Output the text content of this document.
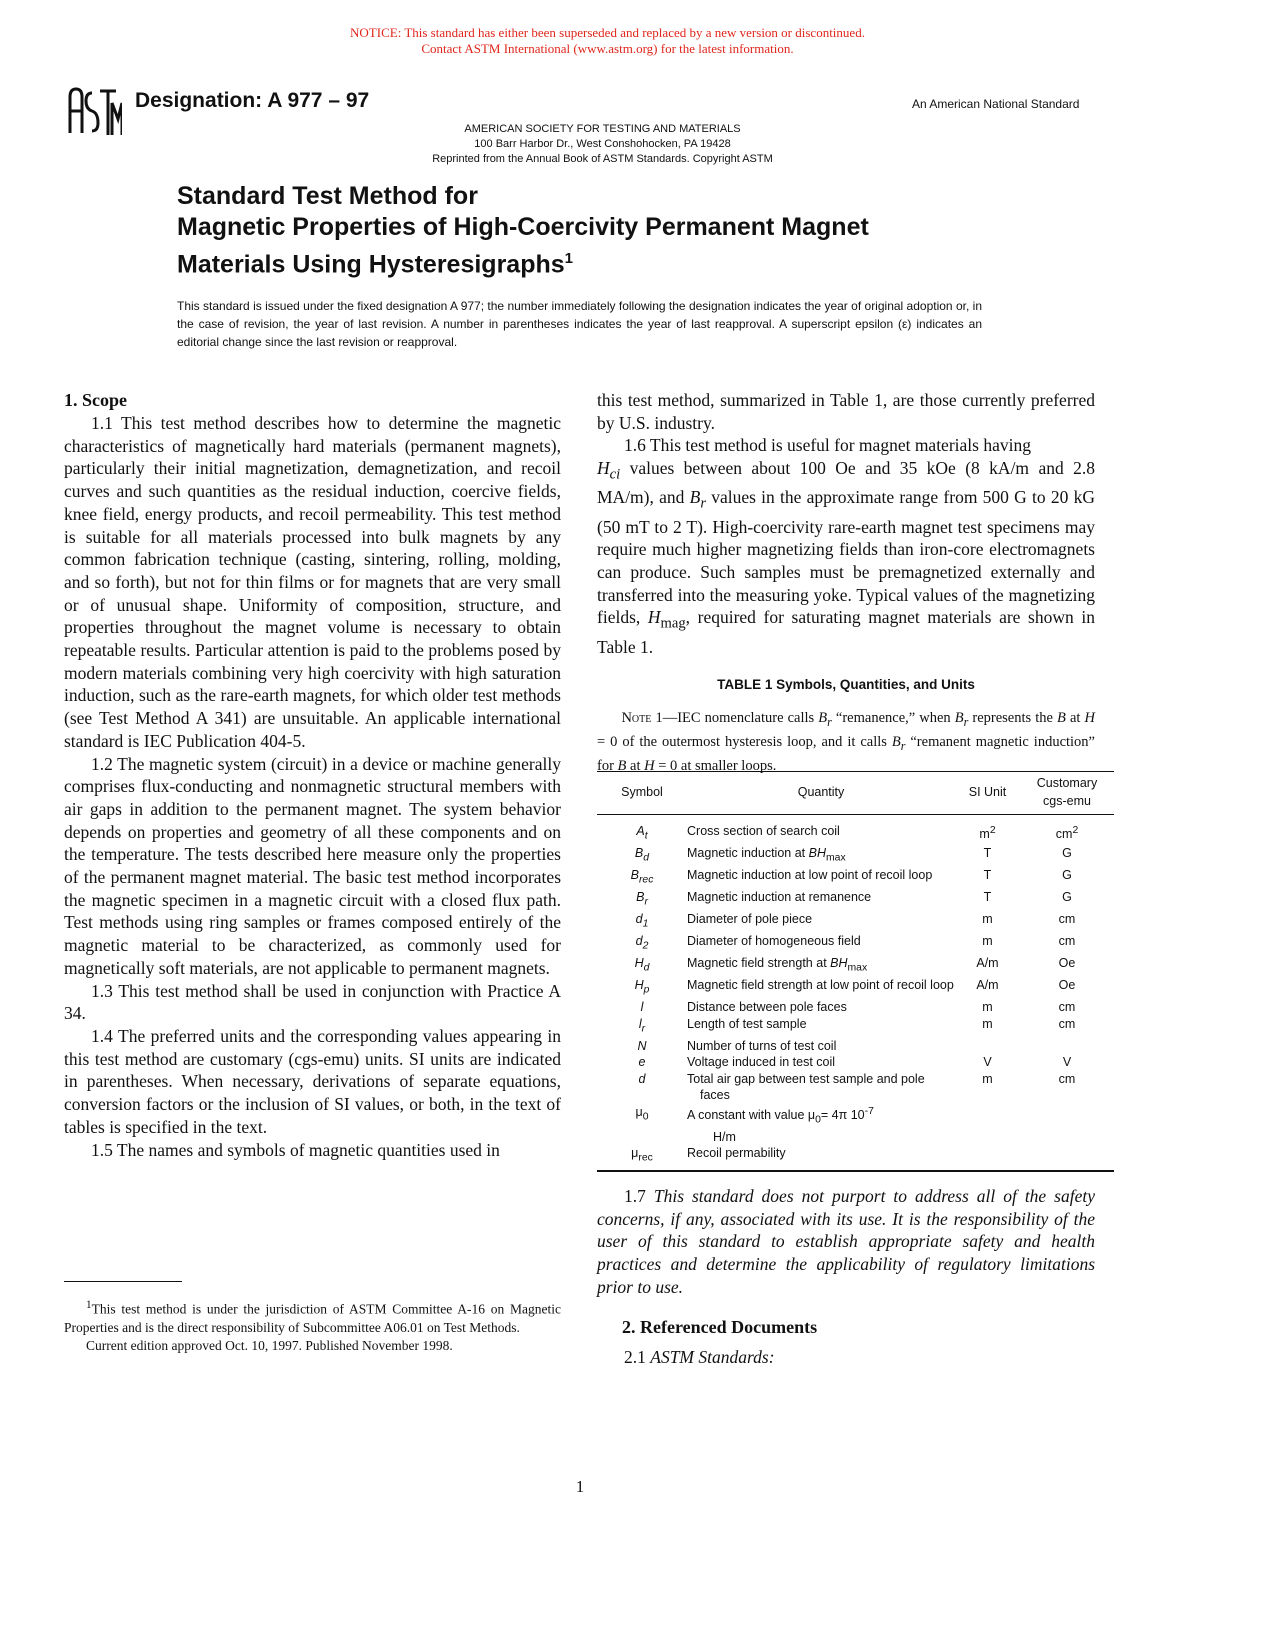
NOTICE: This standard has either been superseded and replaced by a new version or discontinued.
Contact ASTM International (www.astm.org) for the latest information.
Designation: A 977 – 97	An American National Standard
AMERICAN SOCIETY FOR TESTING AND MATERIALS
100 Barr Harbor Dr., West Conshohocken, PA 19428
Reprinted from the Annual Book of ASTM Standards. Copyright ASTM
Standard Test Method for
Magnetic Properties of High-Coercivity Permanent Magnet
Materials Using Hysteresigraphs$^1$
This standard is issued under the fixed designation A 977; the number immediately following the designation indicates the year of original adoption or, in the case of revision, the year of last revision. A number in parentheses indicates the year of last reapproval. A superscript epsilon (ε) indicates an editorial change since the last revision or reapproval.
1. Scope

1.1 This test method describes how to determine the magnetic characteristics of magnetically hard materials (permanent magnets), particularly their initial magnetization, demagnetization, and recoil curves and such quantities as the residual induction, coercive fields, knee field, energy products, and recoil permeability. This test method is suitable for all materials processed into bulk magnets by any common fabrication technique (casting, sintering, rolling, molding, and so forth), but not for thin films or for magnets that are very small or of unusual shape. Uniformity of composition, structure, and properties throughout the magnet volume is necessary to obtain repeatable results. Particular attention is paid to the problems posed by modern materials combining very high coercivity with high saturation induction, such as the rare-earth magnets, for which older test methods (see Test Method A 341) are unsuitable. An applicable international standard is IEC Publication 404-5.

1.2 The magnetic system (circuit) in a device or machine generally comprises flux-conducting and nonmagnetic structural members with air gaps in addition to the permanent magnet. The system behavior depends on properties and geometry of all these components and on the temperature. The tests described here measure only the properties of the permanent magnet material. The basic test method incorporates the magnetic specimen in a magnetic circuit with a closed flux path. Test methods using ring samples or frames composed entirely of the magnetic material to be characterized, as commonly used for magnetically soft materials, are not applicable to permanent magnets.

1.3 This test method shall be used in conjunction with Practice A 34.

1.4 The preferred units and the corresponding values appearing in this test method are customary (cgs-emu) units. SI units are indicated in parentheses. When necessary, derivations of separate equations, conversion factors or the inclusion of SI values, or both, in the text of tables is specified in the text.

1.5 The names and symbols of magnetic quantities used in

$^1$This test method is under the jurisdiction of ASTM Committee A-16 on Magnetic Properties and is the direct responsibility of Subcommittee A06.01 on Test Methods.

Current edition approved Oct. 10, 1997. Published November 1998.

this test method, summarized in Table 1, are those currently preferred by U.S. industry.

1.6 This test method is useful for magnet materials having
$H_{ci}$ values between about 100 Oe and 35 kOe (8 kA/m and 2.8 MA/m), and $B_r$ values in the approximate range from 500 G to 20 kG (50 mT to 2 T). High-coercivity rare-earth magnet test specimens may require much higher magnetizing fields than iron-core electromagnets can produce. Such samples must be premagnetized externally and transferred into the measuring yoke. Typical values of the magnetizing fields, $H_{mag}$, required for saturating magnet materials are shown in Table 1.

TABLE 1 Symbols, Quantities, and Units
Note 1—IEC nomenclature calls $B_r$ “remanence,” when $B_r$ represents the B at H = 0 of the outermost hysteresis loop, and it calls $B_r$ “remanent magnetic induction” for B at H = 0 at smaller loops.
Symbol	Quantity	SI Unit	Customary
cgs-emu
$A_t$	Cross section of search coil	$m^2$	$cm^2$
$B_d$	Magnetic induction at $BH_{max}$	T	G
$B_{rec}$	Magnetic induction at low point of recoil loop	T	G
$B_r$	Magnetic induction at remanence	T	G
$d_1$	Diameter of pole piece	m	cm
$d_2$	Diameter of homogeneous field	m	cm
$H_d$	Magnetic field strength at $BH_{max}$	A/m	Oe
$H_p$	Magnetic field strength at low point of recoil loop	A/m	Oe
l	Distance between pole faces	m	cm
$l_r$	Length of test sample	m	cm
N	Number of turns of test coil		

e	Voltage induced in test coil	V	V
d	Total air gap between test sample and pole faces	m	cm
$\mu_0$	A constant with value $\mu_0= 4\pi$ $10^{-7}$
H/m		

$\mu_{rec}$	Recoil permability		

1.7 This standard does not purport to address all of the safety concerns, if any, associated with its use. It is the responsibility of the user of this standard to establish appropriate safety and health practices and determine the applicability of regulatory limitations prior to use.

2. Referenced Documents

2.1 ASTM Standards:

1
